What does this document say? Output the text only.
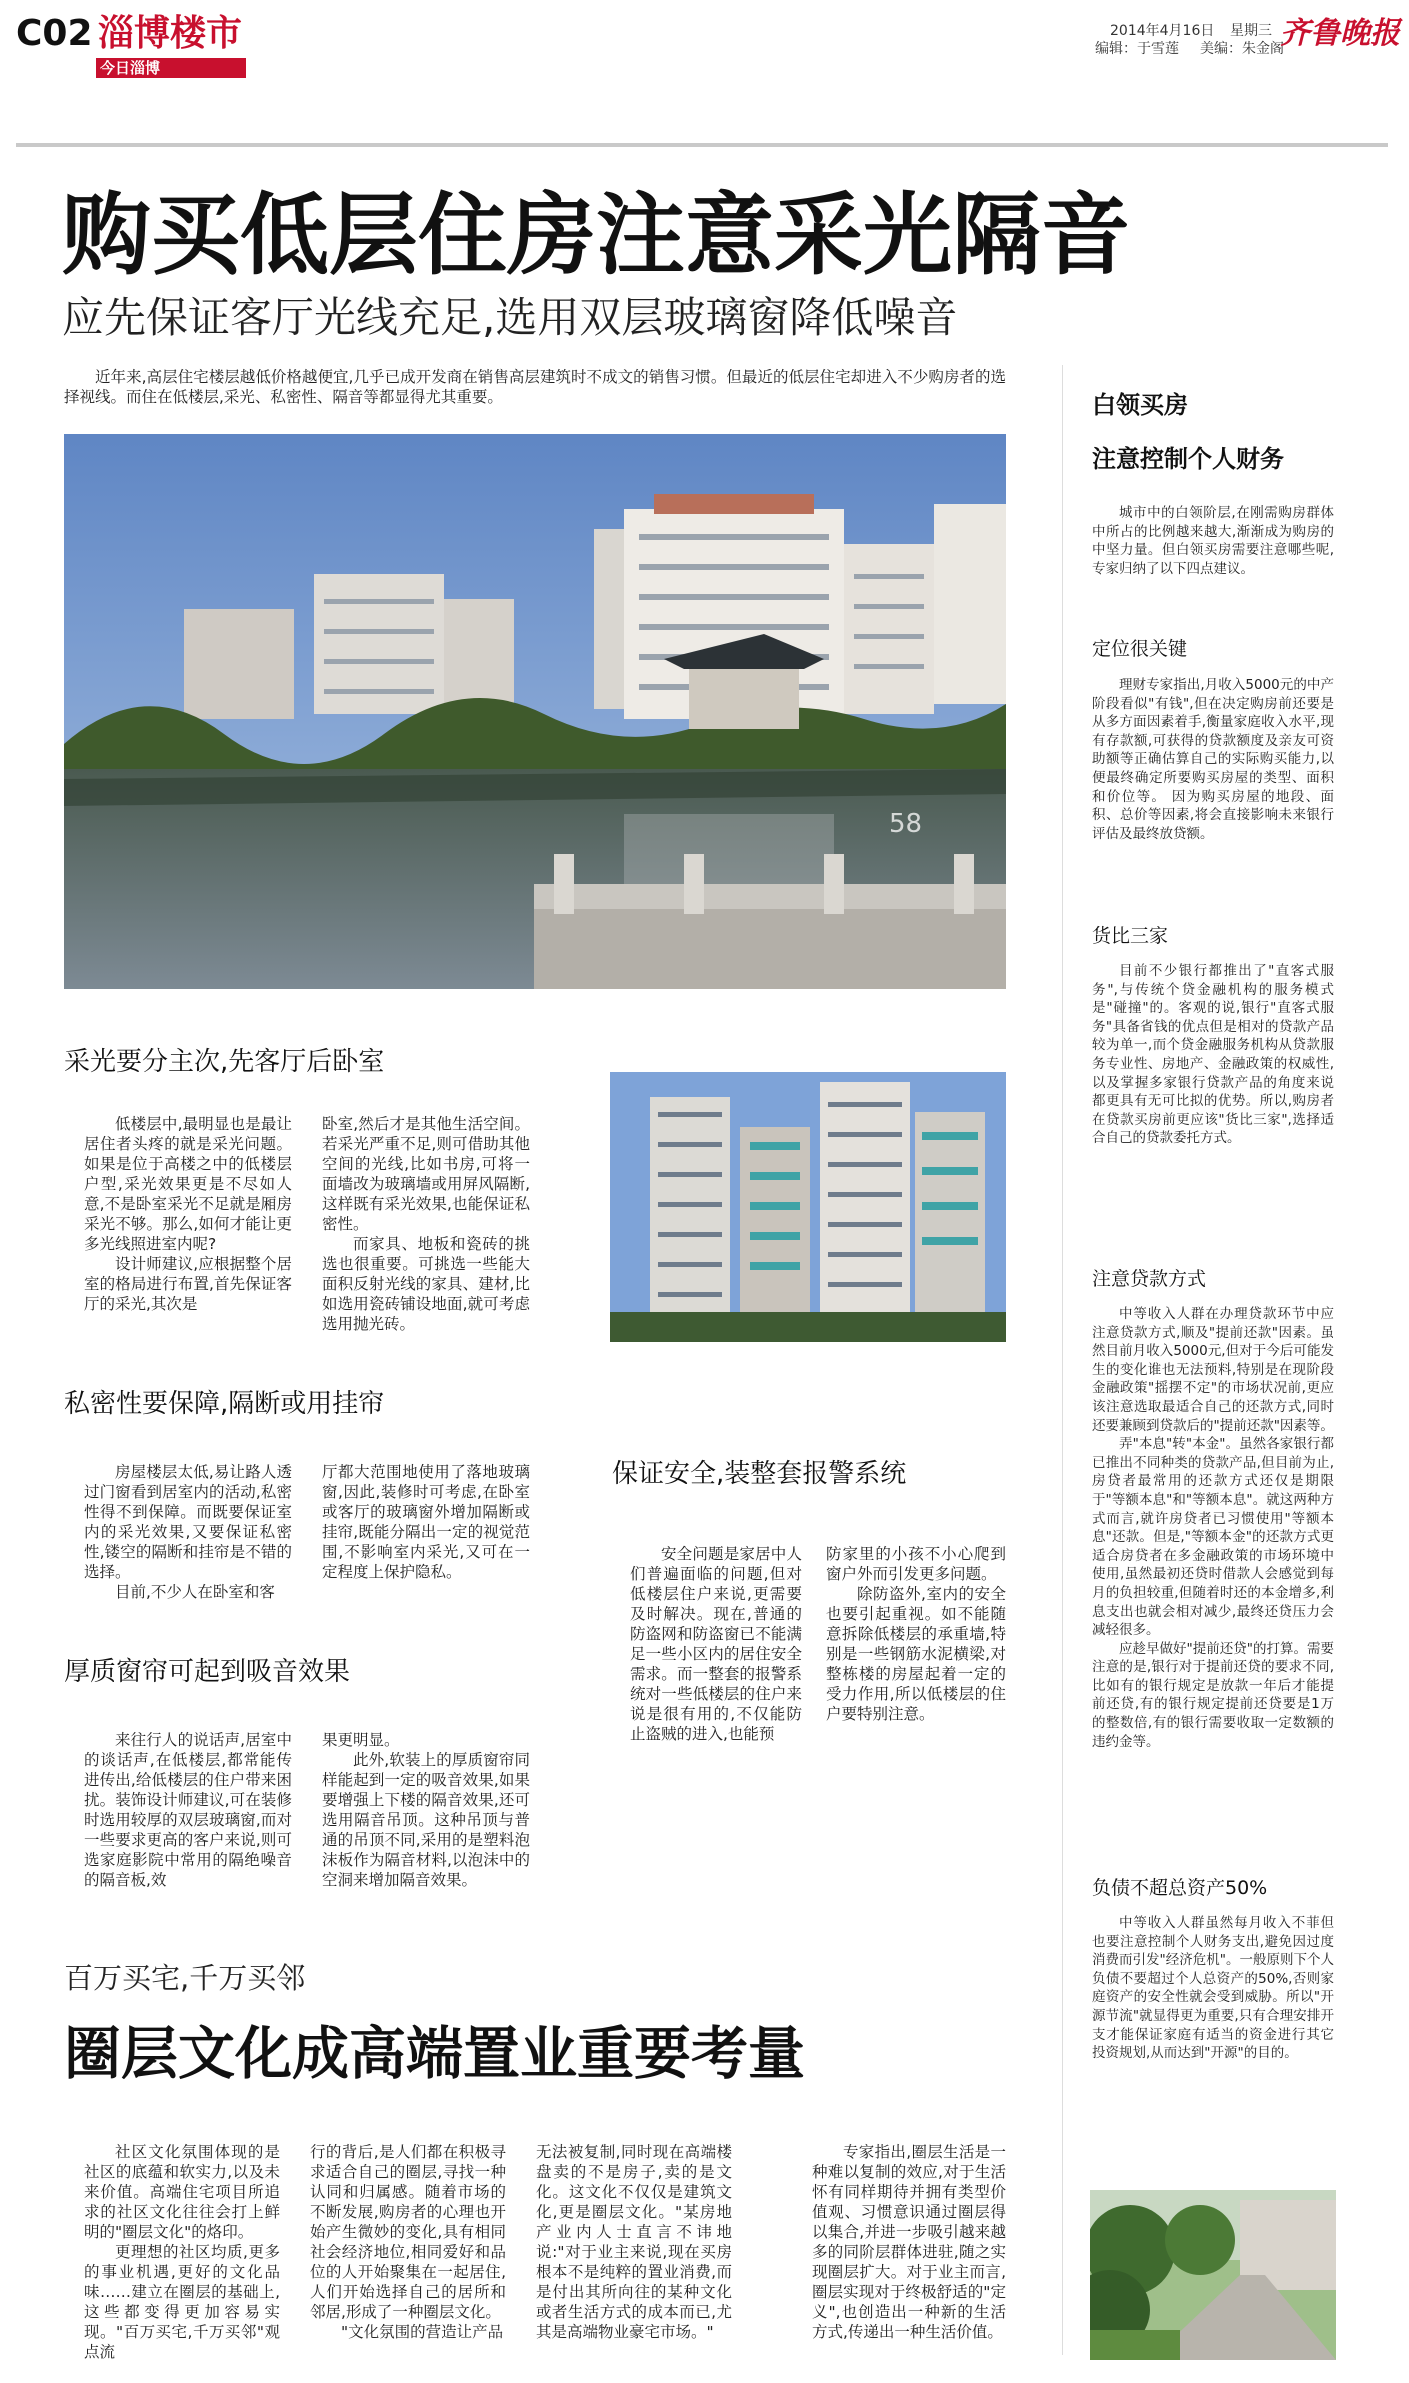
C02 淄博楼市
今日淄博
2014年4月16日 星期三
编辑：于雪莲 美编：朱金阁
齐鲁晚报
购买低层住房注意采光隔音
应先保证客厅光线充足,选用双层玻璃窗降低噪音

近年来,高层住宅楼层越低价格越便宜,几乎已成开发商在销售高层建筑时不成文的销售习惯。但最近的低层住宅却进入不少购房者的选择视线。而住在低楼层,采光、私密性、隔音等都显得尤其重要。

58
采光要分主次,先客厅后卧室

低楼层中,最明显也是最让居住者头疼的就是采光问题。如果是位于高楼之中的低楼层户型,采光效果更是不尽如人意,不是卧室采光不足就是厢房采光不够。那么,如何才能让更多光线照进室内呢?

设计师建议,应根据整个居室的格局进行布置,首先保证客厅的采光,其次是

卧室,然后才是其他生活空间。若采光严重不足,则可借助其他空间的光线,比如书房,可将一面墙改为玻璃墙或用屏风隔断,这样既有采光效果,也能保证私密性。

而家具、地板和瓷砖的挑选也很重要。可挑选一些能大面积反射光线的家具、建材,比如选用瓷砖铺设地面,就可考虑选用抛光砖。

私密性要保障,隔断或用挂帘

房屋楼层太低,易让路人透过门窗看到居室内的活动,私密性得不到保障。而既要保证室内的采光效果,又要保证私密性,镂空的隔断和挂帘是不错的选择。

目前,不少人在卧室和客

厅都大范围地使用了落地玻璃窗,因此,装修时可考虑,在卧室或客厅的玻璃窗外增加隔断或挂帘,既能分隔出一定的视觉范围,不影响室内采光,又可在一定程度上保护隐私。

保证安全,装整套报警系统

安全问题是家居中人们普遍面临的问题,但对低楼层住户来说,更需要及时解决。现在,普通的防盗网和防盗窗已不能满足一些小区内的居住安全需求。而一整套的报警系统对一些低楼层的住户来说是很有用的,不仅能防止盗贼的进入,也能预

防家里的小孩不小心爬到窗户外而引发更多问题。

除防盗外,室内的安全也要引起重视。如不能随意拆除低楼层的承重墙,特别是一些钢筋水泥横梁,对整栋楼的房屋起着一定的受力作用,所以低楼层的住户要特别注意。

厚质窗帘可起到吸音效果

来往行人的说话声,居室中的谈话声,在低楼层,都常能传进传出,给低楼层的住户带来困扰。装饰设计师建议,可在装修时选用较厚的双层玻璃窗,而对一些要求更高的客户来说,则可选家庭影院中常用的隔绝噪音的隔音板,效

果更明显。

此外,软装上的厚质窗帘同样能起到一定的吸音效果,如果要增强上下楼的隔音效果,还可选用隔音吊顶。这种吊顶与普通的吊顶不同,采用的是塑料泡沫板作为隔音材料,以泡沫中的空洞来增加隔音效果。

百万买宅,千万买邻
圈层文化成高端置业重要考量

社区文化氛围体现的是社区的底蕴和软实力,以及未来价值。高端住宅项目所追求的社区文化往往会打上鲜明的"圈层文化"的烙印。

更理想的社区均质,更多的事业机遇,更好的文化品味……建立在圈层的基础上,这些都变得更加容易实现。"百万买宅,千万买邻"观点流

行的背后,是人们都在积极寻求适合自己的圈层,寻找一种认同和归属感。随着市场的不断发展,购房者的心理也开始产生微妙的变化,具有相同社会经济地位,相同爱好和品位的人开始聚集在一起居住,人们开始选择自己的居所和邻居,形成了一种圈层文化。

"文化氛围的营造让产品

无法被复制,同时现在高端楼盘卖的不是房子,卖的是文化。这文化不仅仅是建筑文化,更是圈层文化。"某房地产业内人士直言不讳地说:"对于业主来说,现在买房根本不是纯粹的置业消费,而是付出其所向往的某种文化或者生活方式的成本而已,尤其是高端物业豪宅市场。"

专家指出,圈层生活是一种难以复制的效应,对于生活怀有同样期待并拥有类型价值观、习惯意识通过圈层得以集合,并进一步吸引越来越多的同阶层群体进驻,随之实现圈层扩大。对于业主而言,圈层实现对于终极舒适的"定义",也创造出一种新的生活方式,传递出一种生活价值。

白领买房
注意控制个人财务

城市中的白领阶层,在刚需购房群体中所占的比例越来越大,渐渐成为购房的中坚力量。但白领买房需要注意哪些呢,专家归纳了以下四点建议。

定位很关键

理财专家指出,月收入5000元的中产阶段看似"有钱",但在决定购房前还要是从多方面因素着手,衡量家庭收入水平,现有存款额,可获得的贷款额度及亲友可资助额等正确估算自己的实际购买能力,以便最终确定所要购买房屋的类型、面积和价位等。 因为购买房屋的地段、面积、总价等因素,将会直接影响未来银行评估及最终放贷额。

货比三家

目前不少银行都推出了"直客式服务",与传统个贷金融机构的服务模式是"碰撞"的。客观的说,银行"直客式服务"具备省钱的优点但是相对的贷款产品较为单一,而个贷金融服务机构从贷款服务专业性、房地产、金融政策的权威性,以及掌握多家银行贷款产品的角度来说都更具有无可比拟的优势。所以,购房者在贷款买房前更应该"货比三家",选择适合自己的贷款委托方式。

注意贷款方式

中等收入人群在办理贷款环节中应注意贷款方式,顺及"提前还款"因素。虽然目前月收入5000元,但对于今后可能发生的变化谁也无法预料,特别是在现阶段金融政策"摇摆不定"的市场状况前,更应该注意选取最适合自己的还款方式,同时还要兼顾到贷款后的"提前还款"因素等。

弄"本息"转"本金"。虽然各家银行都已推出不同种类的贷款产品,但目前为止,房贷者最常用的还款方式还仅是期限于"等额本息"和"等额本息"。就这两种方式而言,就许房贷者已习惯使用"等额本息"还款。但是,"等额本金"的还款方式更适合房贷者在多金融政策的市场环境中使用,虽然最初还贷时借款人会感觉到每月的负担较重,但随着时还的本金增多,利息支出也就会相对减少,最终还贷压力会减轻很多。

应趁早做好"提前还贷"的打算。需要注意的是,银行对于提前还贷的要求不同,比如有的银行规定是放款一年后才能提前还贷,有的银行规定提前还贷要是1万的整数倍,有的银行需要收取一定数额的违约金等。

负债不超总资产50%

中等收入人群虽然每月收入不菲但也要注意控制个人财务支出,避免因过度消费而引发"经济危机"。一般原则下个人负债不要超过个人总资产的50%,否则家庭资产的安全性就会受到威胁。所以"开源节流"就显得更为重要,只有合理安排开支才能保证家庭有适当的资金进行其它投资规划,从而达到"开源"的目的。
